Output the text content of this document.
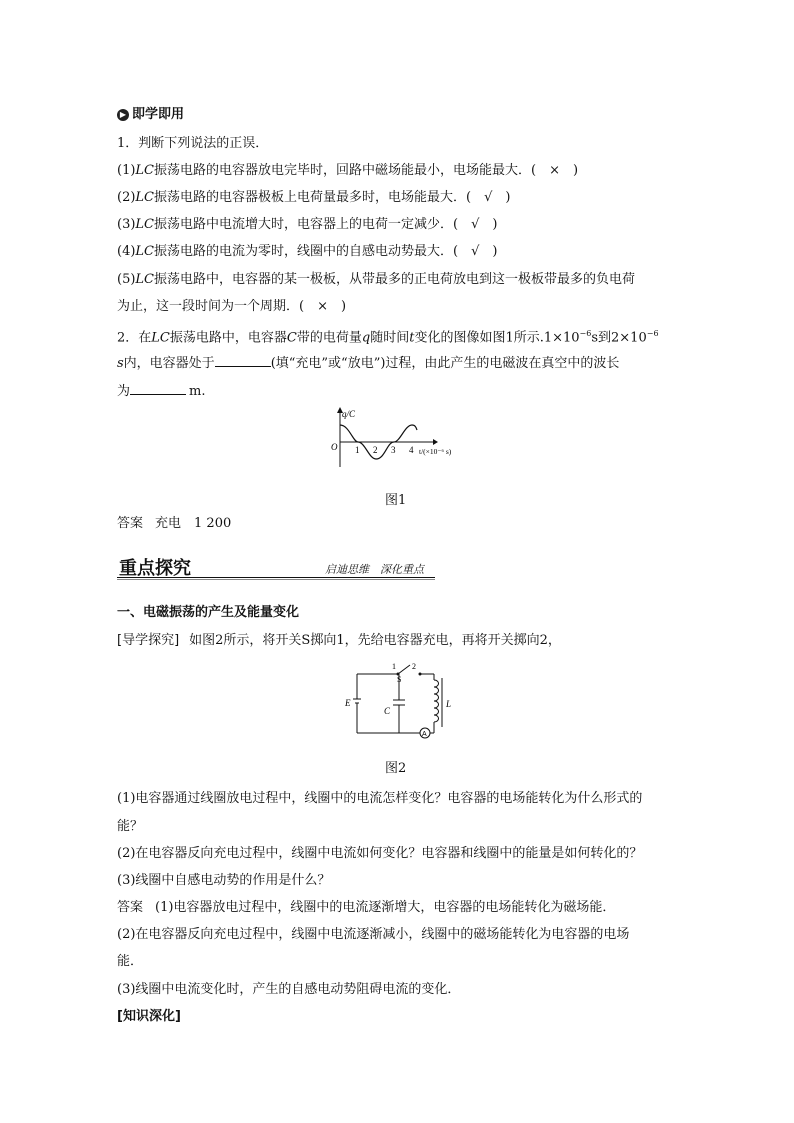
▶ 即学即用
1．判断下列说法的正误．
(1)LC振荡电路的电容器放电完毕时，回路中磁场能最小，电场能最大．(　×　)
(2)LC振荡电路的电容器极板上电荷量最多时，电场能最大．(　√　)
(3)LC振荡电路中电流增大时，电容器上的电荷一定减少．(　√　)
(4)LC振荡电路的电流为零时，线圈中的自感电动势最大．(　√　)
(5)LC振荡电路中，电容器的某一极板，从带最多的正电荷放电到这一极板带最多的负电荷
为止，这一段时间为一个周期．(　×　)
2．在LC振荡电路中，电容器C带的电荷量q随时间t变化的图像如图1所示$.1\times 10^{-6}s$到$2\times 10^{-6}$
s内，电容器处于	(填“充电”或“放电”)过程，由此产生的电磁波在真空中的波长
为	m.
q/C
O 1 2 3 4 t/(×10⁻⁶ s)
图1
答案 充电　1 200
重点探究	启迪思维　深化重点
一、电磁振荡的产生及能量变化
[导学探究] 如图2所示，将开关S掷向1，先给电容器充电，再将开关掷向2，
1 2
S
E
C
L
A
图2
(1)电容器通过线圈放电过程中，线圈中的电流怎样变化？电容器的电场能转化为什么形式的
能？
(2)在电容器反向充电过程中，线圈中电流如何变化？电容器和线圈中的能量是如何转化的？
(3)线圈中自感电动势的作用是什么？
答案 (1)电容器放电过程中，线圈中的电流逐渐增大，电容器的电场能转化为磁场能．
(2)在电容器反向充电过程中，线圈中电流逐渐减小，线圈中的磁场能转化为电容器的电场
能．
(3)线圈中电流变化时，产生的自感电动势阻碍电流的变化．
[知识深化]
